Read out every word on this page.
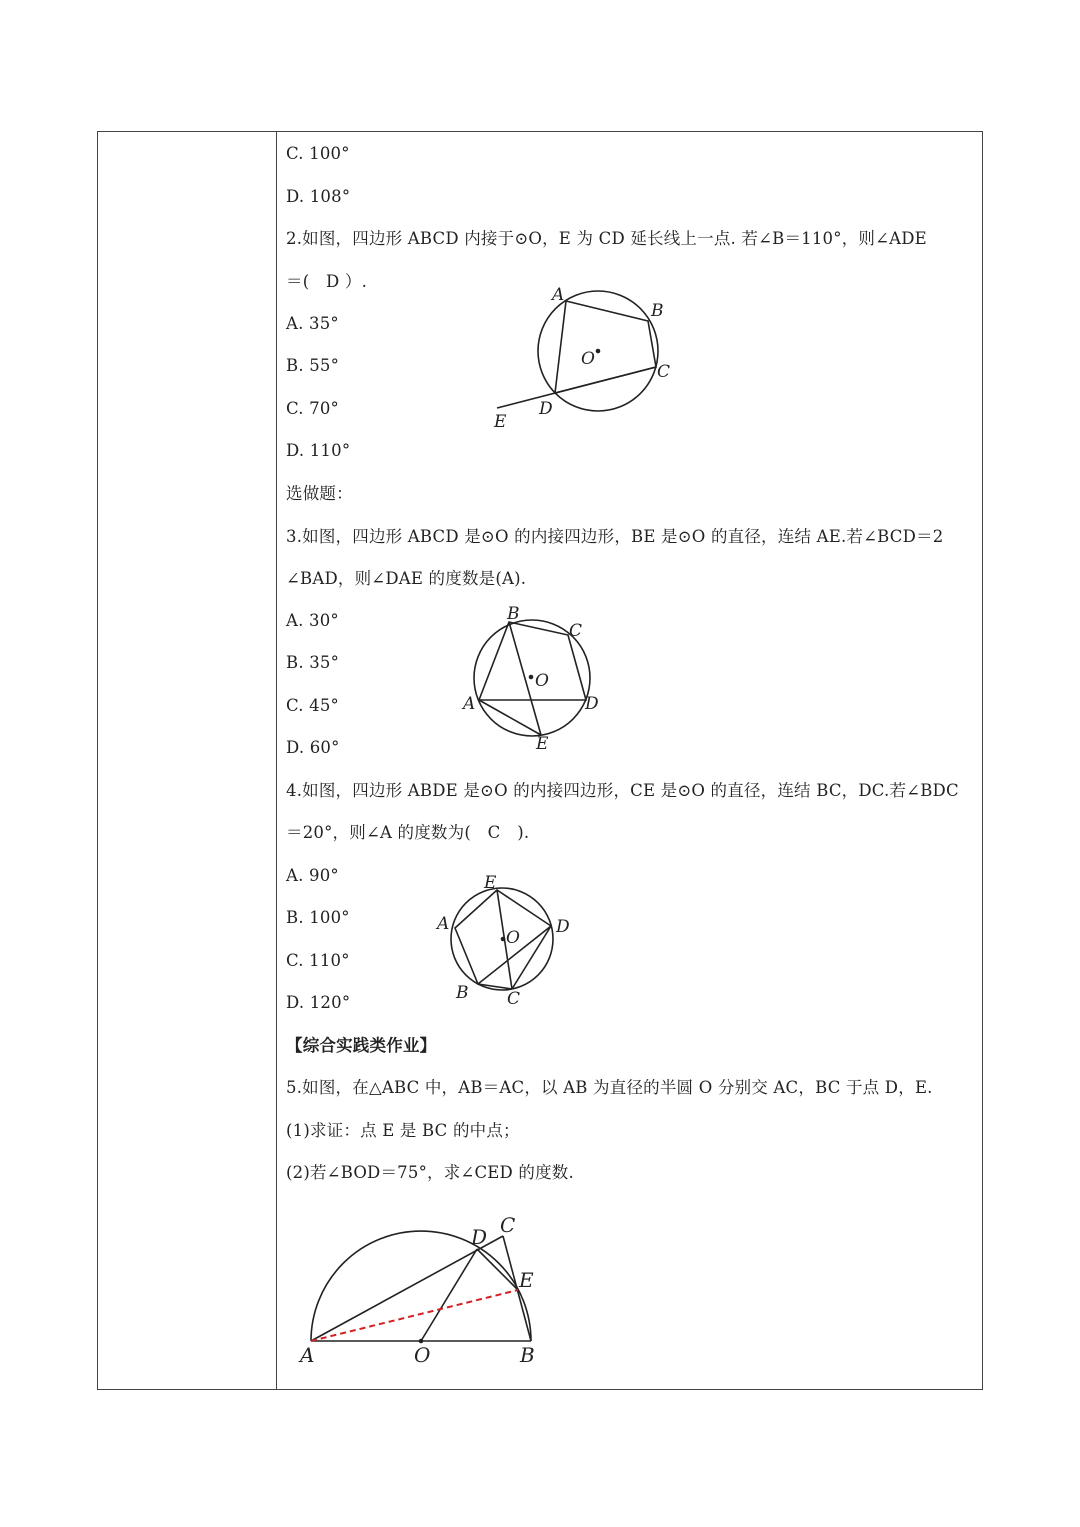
C. 100°
D. 108°
2.如图，四边形 ABCD 内接于⊙O，E 为 CD 延长线上一点. 若∠B＝110°，则∠ADE
＝(　D ）.
A. 35°
B. 55°
C. 70°
D. 110°
选做题：
3.如图，四边形 ABCD 是⊙O 的内接四边形，BE 是⊙O 的直径，连结 AE.若∠BCD＝2
∠BAD，则∠DAE 的度数是(A).
A. 30°
B. 35°
C. 45°
D. 60°
4.如图，四边形 ABDE 是⊙O 的内接四边形，CE 是⊙O 的直径，连结 BC，DC.若∠BDC
＝20°，则∠A 的度数为(　C　).
A. 90°
B. 100°
C. 110°
D. 120°
【综合实践类作业】
5.如图，在△ABC 中，AB＝AC，以 AB 为直径的半圆 O 分别交 AC，BC 于点 D，E.
(1)求证：点 E 是 BC 的中点；
(2)若∠BOD＝75°，求∠CED 的度数.
A
B
C
D
E
O
A
B
C
D
E
O
A
B C
D
E
O
A	B
C
D
E
O
